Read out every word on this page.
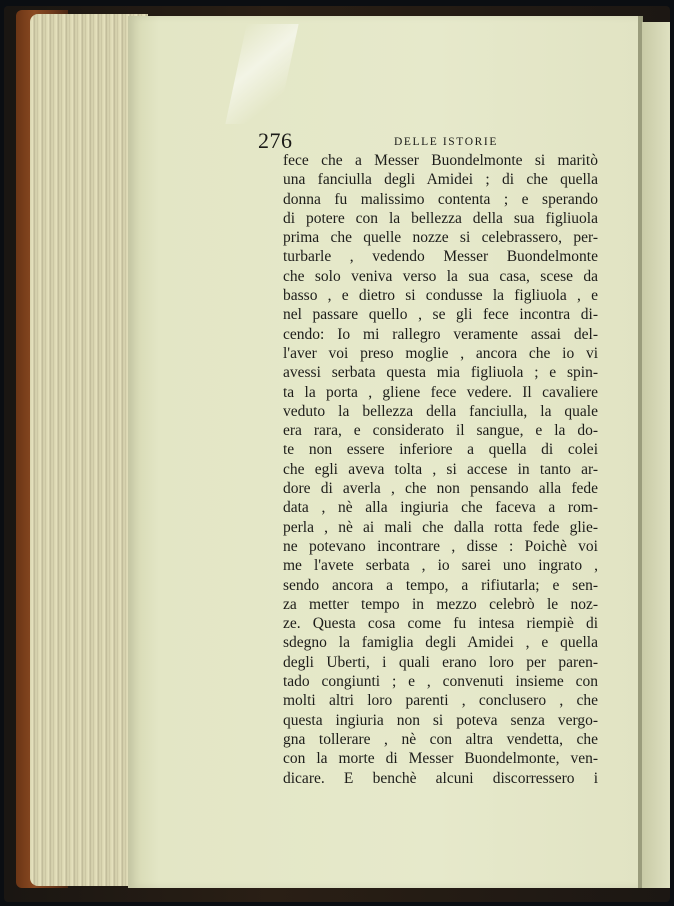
276	DELLE ISTORIE
fece che a Messer Buondelmonte si maritò
una fanciulla degli Amidei ; di che quella
donna fu malissimo contenta ; e sperando
di potere con la bellezza della sua figliuola
prima che quelle nozze si celebrassero, per-
turbarle , vedendo Messer Buondelmonte
che solo veniva verso la sua casa, scese da
basso , e dietro si condusse la figliuola , e
nel passare quello , se gli fece incontra di-
cendo: Io mi rallegro veramente assai del-
l'aver voi preso moglie , ancora che io vi
avessi serbata questa mia figliuola ; e spin-
ta la porta , gliene fece vedere. Il cavaliere
veduto la bellezza della fanciulla, la quale
era rara, e considerato il sangue, e la do-
te non essere inferiore a quella di colei
che egli aveva tolta , si accese in tanto ar-
dore di averla , che non pensando alla fede
data , nè alla ingiuria che faceva a rom-
perla , nè ai mali che dalla rotta fede glie-
ne potevano incontrare , disse : Poichè voi
me l'avete serbata , io sarei uno ingrato ,
sendo ancora a tempo, a rifiutarla; e sen-
za metter tempo in mezzo celebrò le noz-
ze. Questa cosa come fu intesa riempiè di
sdegno la famiglia degli Amidei , e quella
degli Uberti, i quali erano loro per paren-
tado congiunti ; e , convenuti insieme con
molti altri loro parenti , conclusero , che
questa ingiuria non si poteva senza vergo-
gna tollerare , nè con altra vendetta, che
con la morte di Messer Buondelmonte, ven-
dicare. E benchè alcuni discorressero i
